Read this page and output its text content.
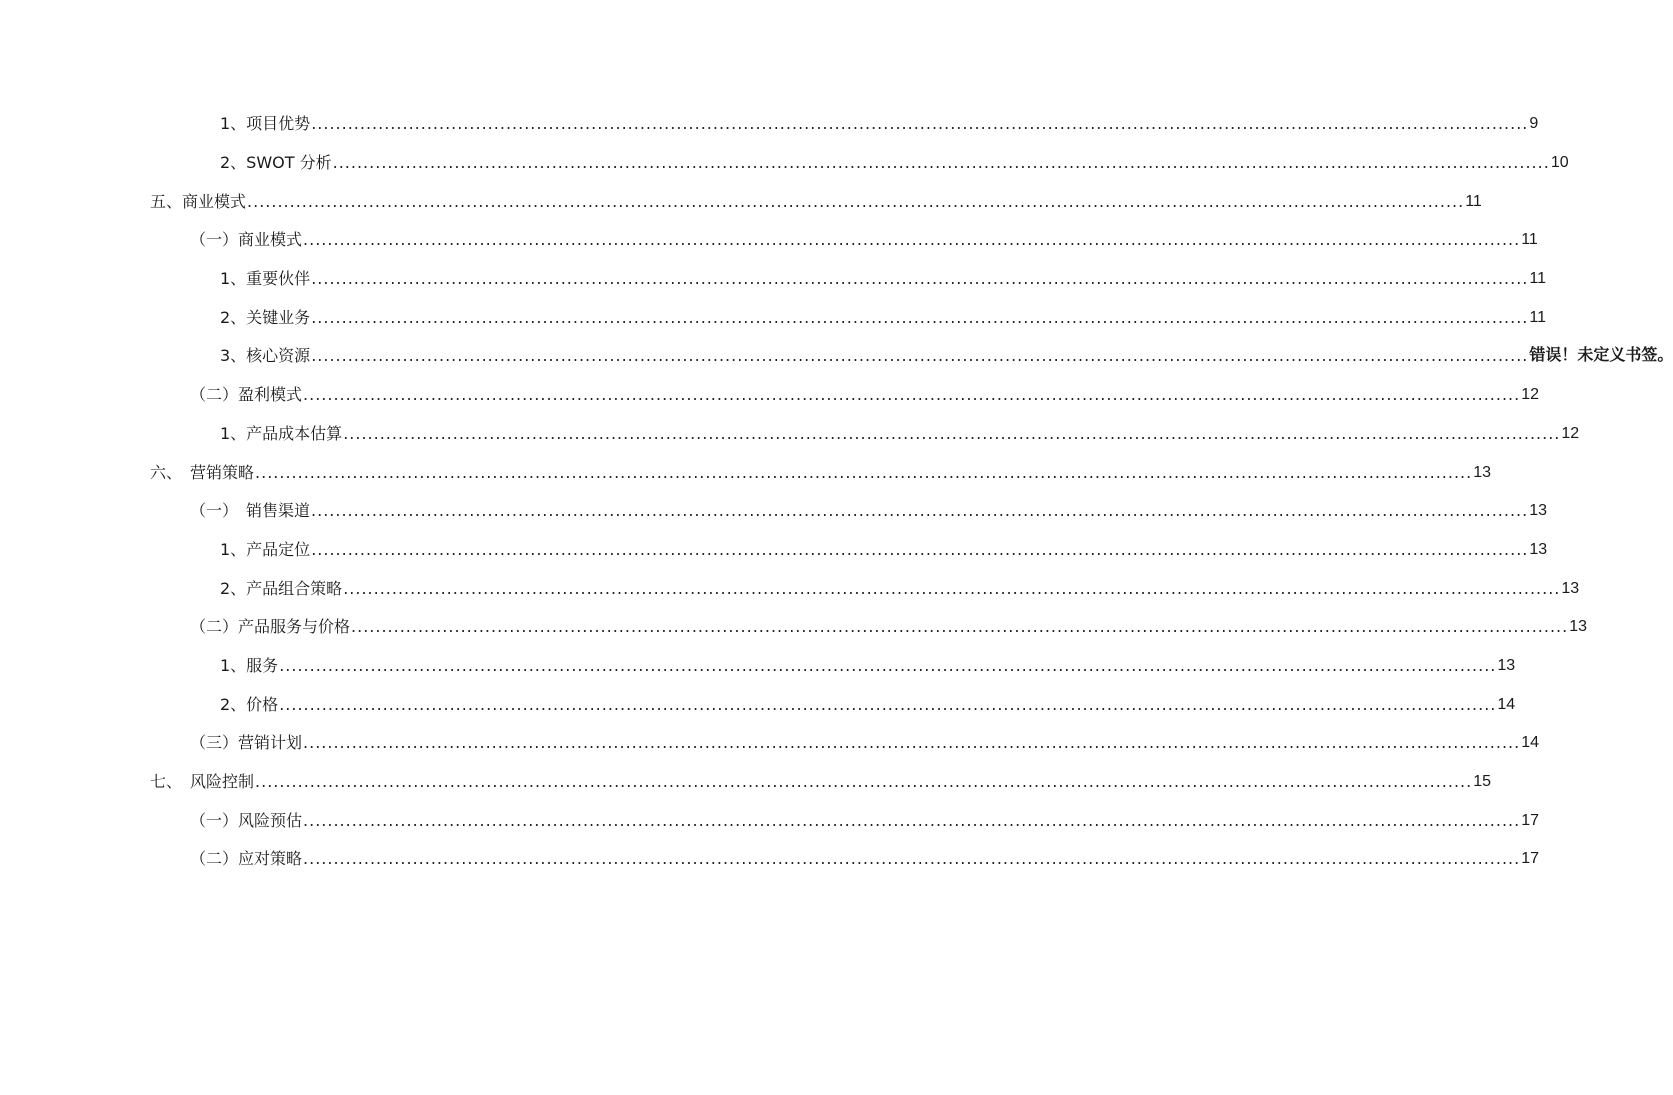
1、项目优势 .....	9
2、SWOT 分析 .....	10
五、商业模式 .....	11
（一）商业模式 .....	11
1、重要伙伴 .....	11
2、关键业务 .....	11
3、核心资源 .....	错误！未定义书签。
（二）盈利模式 .....	12
1、产品成本估算 .....	12
六、　营销策略 .....	13
（一）　销售渠道 .....	13
1、产品定位 .....	13
2、产品组合策略 .....	13
（二）产品服务与价格 .....	13
1、服务 .....	13
2、价格 .....	14
（三）营销计划 .....	14
七、　风险控制 .....	15
（一）风险预估 .....	17
（二）应对策略 .....	17
